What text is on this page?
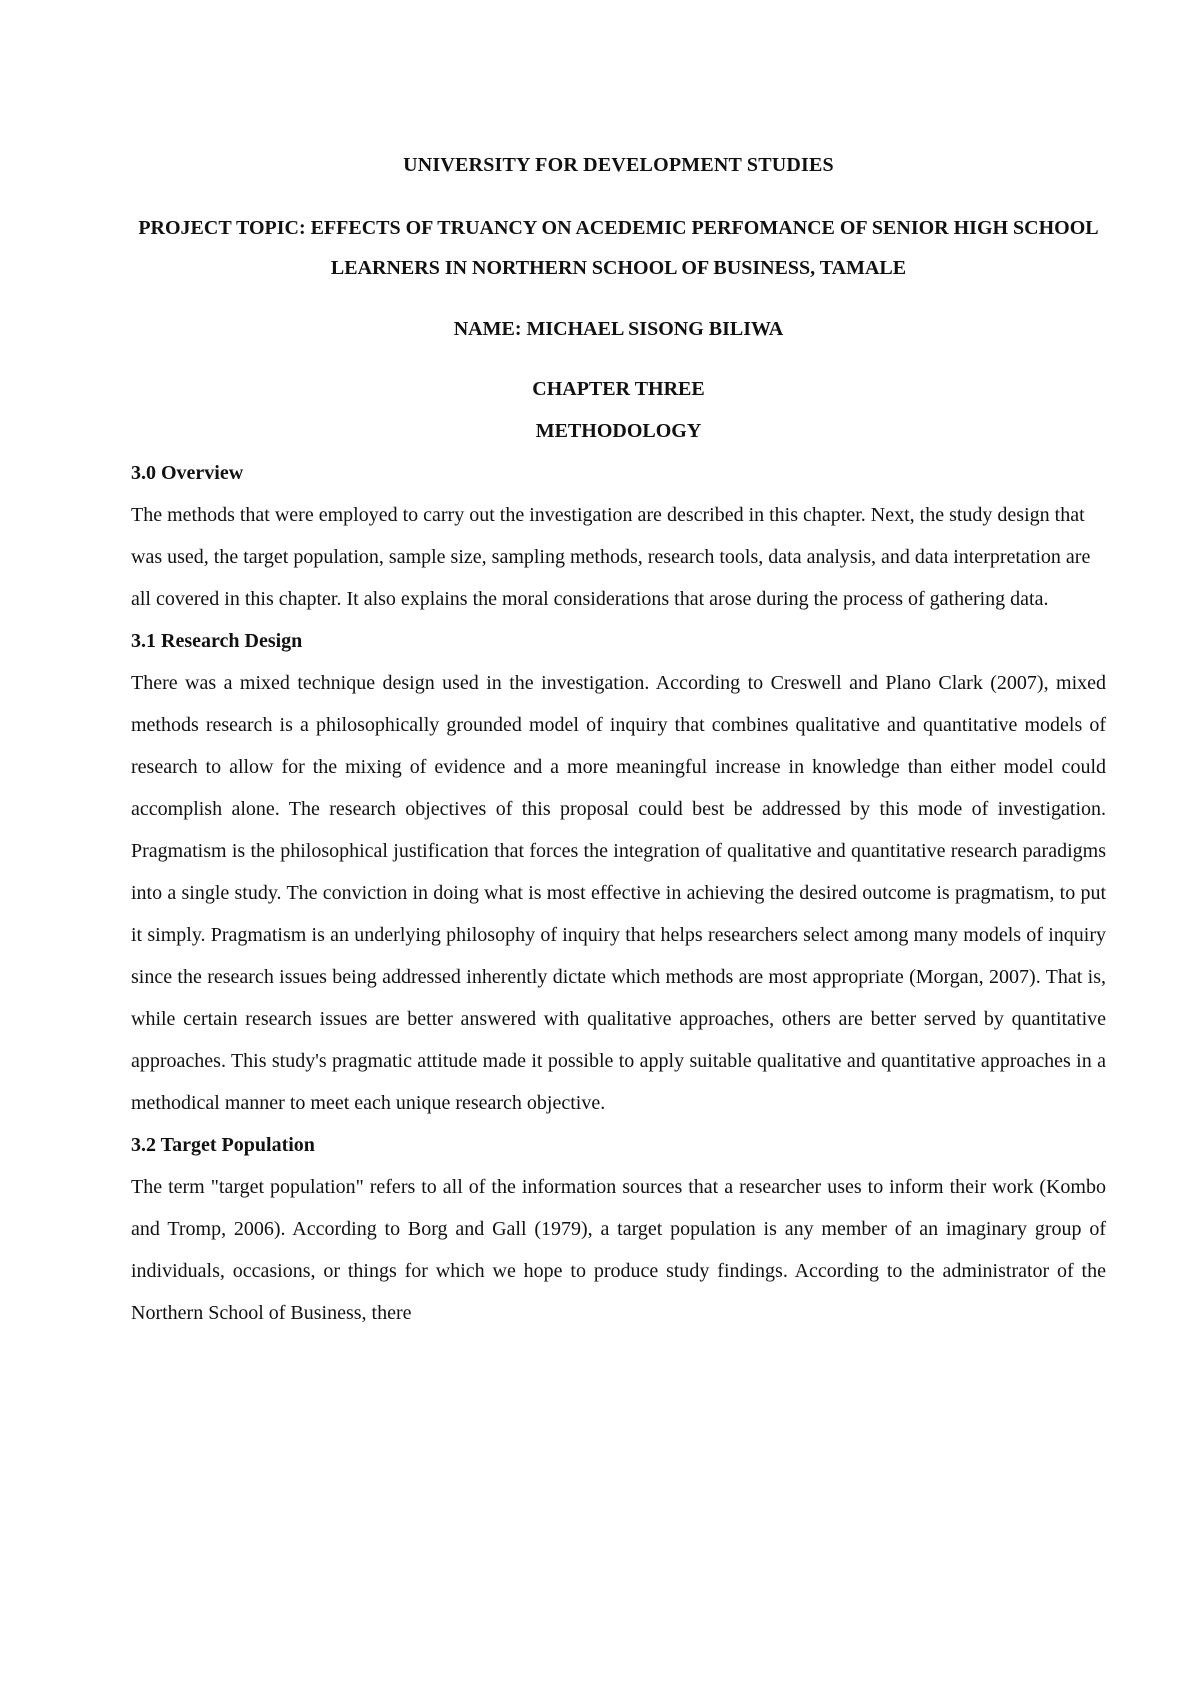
UNIVERSITY FOR DEVELOPMENT STUDIES

PROJECT TOPIC: EFFECTS OF TRUANCY ON ACEDEMIC PERFOMANCE OF SENIOR HIGH SCHOOL LEARNERS IN NORTHERN SCHOOL OF BUSINESS, TAMALE

NAME: MICHAEL SISONG BILIWA

CHAPTER THREE

METHODOLOGY

3.0 Overview

The methods that were employed to carry out the investigation are described in this chapter. Next, the study design that was used, the target population, sample size, sampling methods, research tools, data analysis, and data interpretation are all covered in this chapter. It also explains the moral considerations that arose during the process of gathering data.

3.1 Research Design

There was a mixed technique design used in the investigation. According to Creswell and Plano Clark (2007), mixed methods research is a philosophically grounded model of inquiry that combines qualitative and quantitative models of research to allow for the mixing of evidence and a more meaningful increase in knowledge than either model could accomplish alone. The research objectives of this proposal could best be addressed by this mode of investigation. Pragmatism is the philosophical justification that forces the integration of qualitative and quantitative research paradigms into a single study. The conviction in doing what is most effective in achieving the desired outcome is pragmatism, to put it simply. Pragmatism is an underlying philosophy of inquiry that helps researchers select among many models of inquiry since the research issues being addressed inherently dictate which methods are most appropriate (Morgan, 2007). That is, while certain research issues are better answered with qualitative approaches, others are better served by quantitative approaches. This study's pragmatic attitude made it possible to apply suitable qualitative and quantitative approaches in a methodical manner to meet each unique research objective.

3.2 Target Population

The term "target population" refers to all of the information sources that a researcher uses to inform their work (Kombo and Tromp, 2006). According to Borg and Gall (1979), a target population is any member of an imaginary group of individuals, occasions, or things for which we hope to produce study findings. According to the administrator of the Northern School of Business, there
